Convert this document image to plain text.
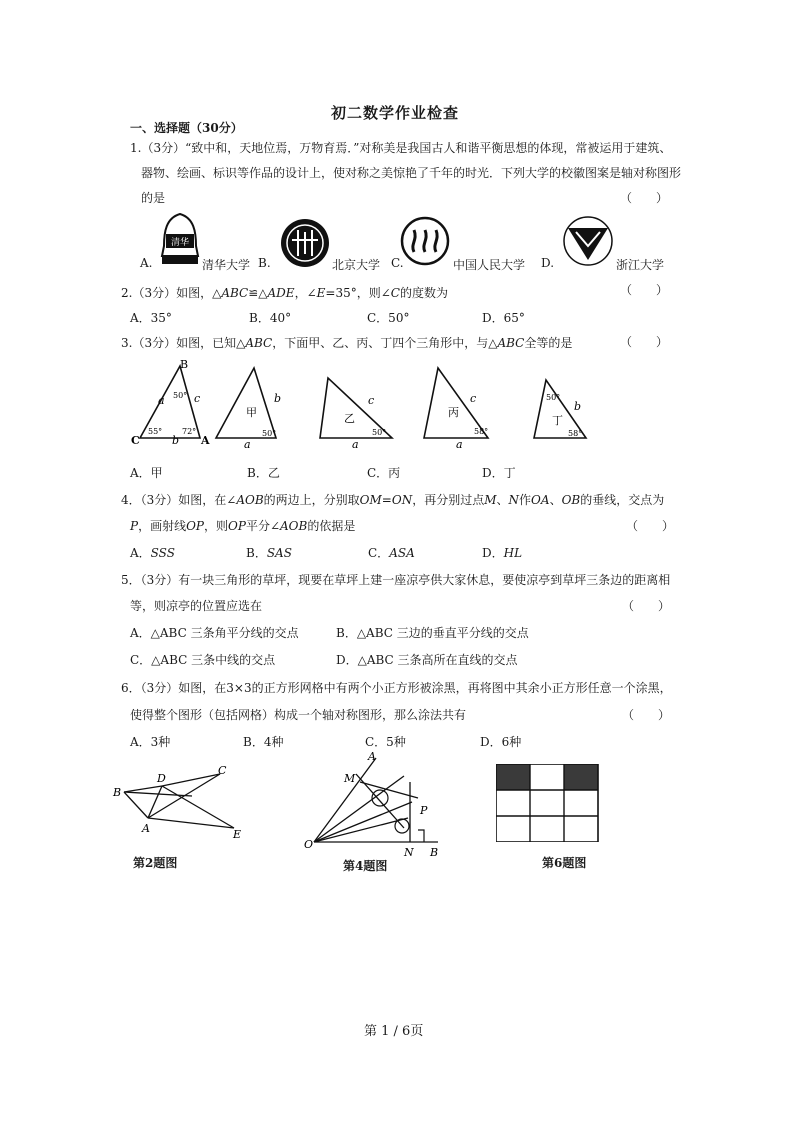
初二数学作业检查
一、选择题（30分）
1.（3分）“致中和，天地位焉，万物育焉．”对称美是我国古人和谐平衡思想的体现，常被运用于建筑、
器物、绘画、标识等作品的设计上，使对称之美惊艳了千年的时光．下列大学的校徽图案是轴对称图形
的是	（　　）
清华
A.	清华大学 B.	北京大学 C.	中国人民大学 D.	浙江大学
2.（3分）如图，△ABC≌△ADE，∠E=35°，则∠C的度数为	（　　）
A．35°	B．40°	C．50°	D．65°
3.（3分）如图，已知△ABC，下面甲、乙、丙、丁四个三角形中，与△ABC全等的是	（　　）
B
C	A
a	c
50°
55° 72°
b
甲
b
50°
a
乙
c
50°
a
丙
c
58°
a
丁
b
50°
58°
A．甲	B．乙	C．丙	D．丁
4．（3分）如图，在∠AOB的两边上，分别取OM=ON，再分别过点M、N作OA、OB的垂线，交点为
P，画射线OP，则OP平分∠AOB的依据是	（　　）
A．SSS	B．SAS	C．ASA	D．HL
5．（3分）有一块三角形的草坪，现要在草坪上建一座凉亭供大家休息，要使凉亭到草坪三条边的距离相
等，则凉亭的位置应选在	（　　）
A．△ABC 三条角平分线的交点	B．△ABC 三边的垂直平分线的交点
C．△ABC 三条中线的交点	D．△ABC 三条高所在直线的交点
6．（3分）如图，在3×3的正方形网格中有两个小正方形被涂黑，再将图中其余小正方形任意一个涂黑，
使得整个图形（包括网格）构成一个轴对称图形，那么涂法共有	（　　）
A．3种	B．4种	C．5种	D．6种
B
D
C
A	E
第2题图
A
M
P
O
N B
第4题图	第6题图
第 1 / 6页
